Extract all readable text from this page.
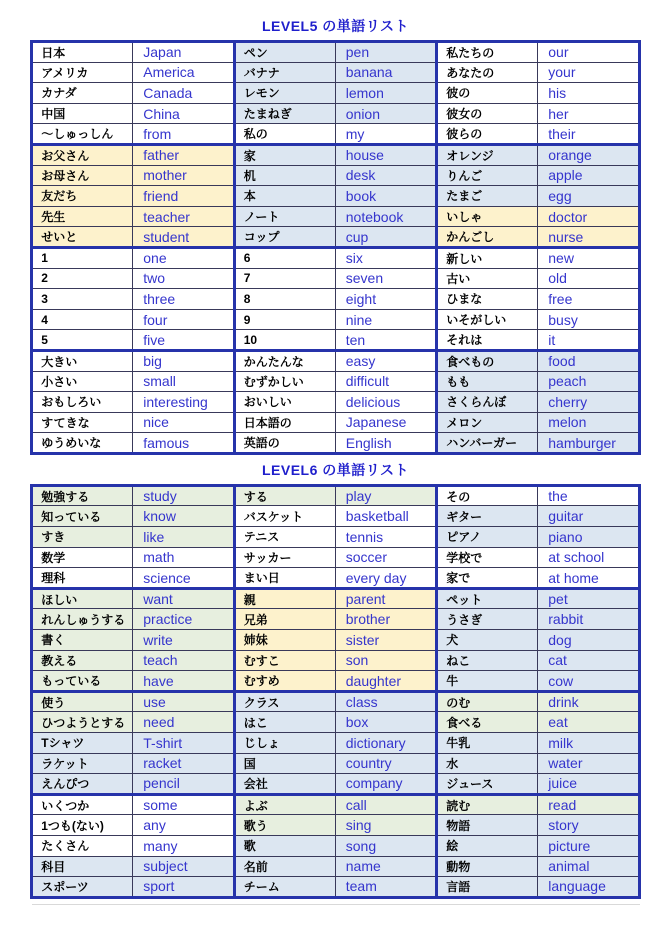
LEVEL5 の単語リスト
日本	Japan	ペン	pen	私たちの	our
アメリカ	America	バナナ	banana	あなたの	your
カナダ	Canada	レモン	lemon	彼の	his
中国	China	たまねぎ	onion	彼女の	her
～しゅっしん	from	私の	my	彼らの	their
お父さん	father	家	house	オレンジ	orange
お母さん	mother	机	desk	りんご	apple
友だち	friend	本	book	たまご	egg
先生	teacher	ノート	notebook	いしゃ	doctor
せいと	student	コップ	cup	かんごし	nurse
1	one	6	six	新しい	new
2	two	7	seven	古い	old
3	three	8	eight	ひまな	free
4	four	9	nine	いそがしい	busy
5	five	10	ten	それは	it
大きい	big	かんたんな	easy	食べもの	food
小さい	small	むずかしい	difficult	もも	peach
おもしろい	interesting	おいしい	delicious	さくらんぼ	cherry
すてきな	nice	日本語の	Japanese	メロン	melon
ゆうめいな	famous	英語の	English	ハンバーガー	hamburger
LEVEL6 の単語リスト
勉強する	study	する	play	その	the
知っている	know	バスケット	basketball	ギター	guitar
すき	like	テニス	tennis	ピアノ	piano
数学	math	サッカー	soccer	学校で	at school
理科	science	まい日	every day	家で	at home
ほしい	want	親	parent	ペット	pet
れんしゅうする	practice	兄弟	brother	うさぎ	rabbit
書く	write	姉妹	sister	犬	dog
教える	teach	むすこ	son	ねこ	cat
もっている	have	むすめ	daughter	牛	cow
使う	use	クラス	class	のむ	drink
ひつようとする	need	はこ	box	食べる	eat
Tシャツ	T-shirt	じしょ	dictionary	牛乳	milk
ラケット	racket	国	country	水	water
えんぴつ	pencil	会社	company	ジュース	juice
いくつか	some	よぶ	call	読む	read
1つも(ない)	any	歌う	sing	物語	story
たくさん	many	歌	song	絵	picture
科目	subject	名前	name	動物	animal
スポーツ	sport	チーム	team	言語	language
